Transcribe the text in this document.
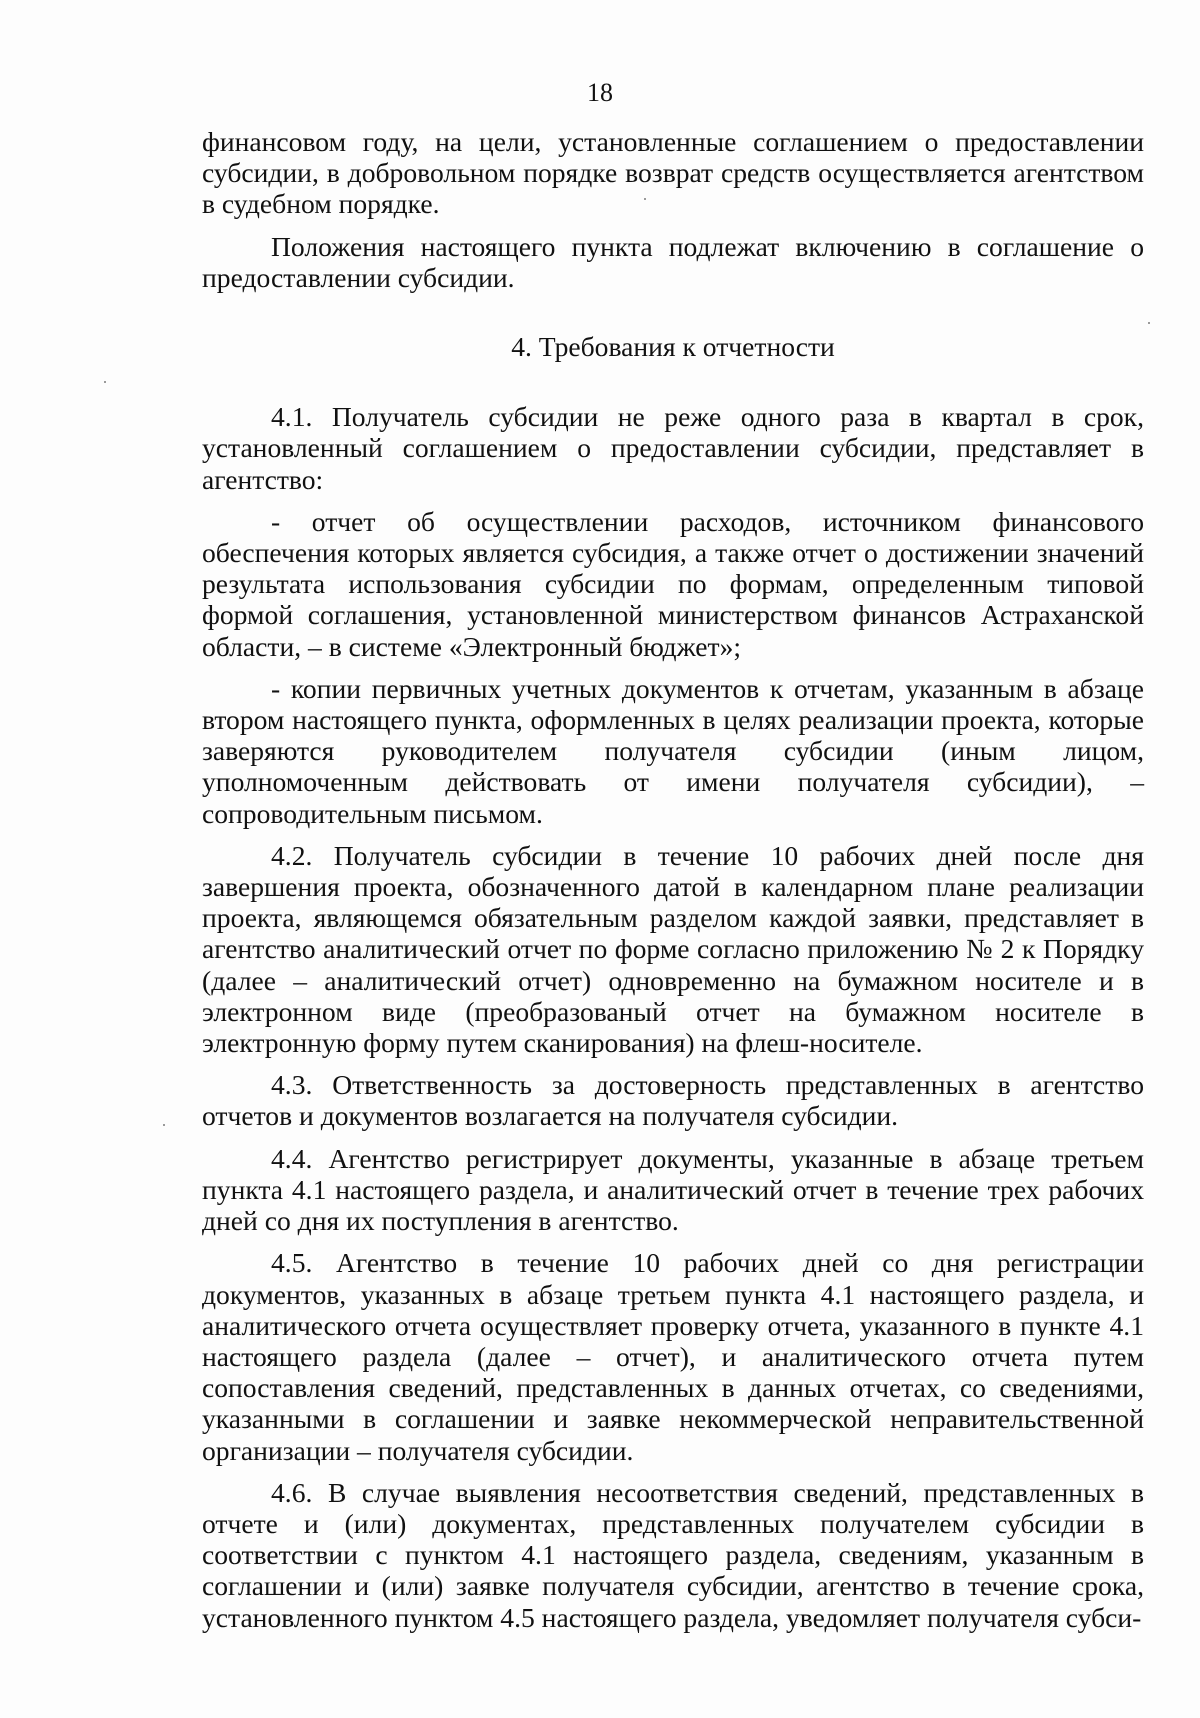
18

финансовом году, на цели, установленные соглашением о предоставлении субсидии, в добровольном порядке возврат средств осуществляется агентством в судебном порядке.

Положения настоящего пункта подлежат включению в соглашение о предоставлении субсидии.

4. Требования к отчетности

4.1. Получатель субсидии не реже одного раза в квартал в срок, установленный соглашением о предоставлении субсидии, представляет в агентство:

- отчет об осуществлении расходов, источником финансового обеспечения которых является субсидия, а также отчет о достижении значений результата использования субсидии по формам, определенным типовой формой соглашения, установленной министерством финансов Астраханской области, – в системе «Электронный бюджет»;

- копии первичных учетных документов к отчетам, указанным в абзаце втором настоящего пункта, оформленных в целях реализации проекта, которые заверяются руководителем получателя субсидии (иным лицом, уполномоченным действовать от имени получателя субсидии), – сопроводительным письмом.

4.2. Получатель субсидии в течение 10 рабочих дней после дня завершения проекта, обозначенного датой в календарном плане реализации проекта, являющемся обязательным разделом каждой заявки, представляет в агентство аналитический отчет по форме согласно приложению № 2 к Порядку (далее – аналитический отчет) одновременно на бумажном носителе и в электронном виде (преобразованый отчет на бумажном носителе в электронную форму путем сканирования) на флеш-носителе.

4.3. Ответственность за достоверность представленных в агентство отчетов и документов возлагается на получателя субсидии.

4.4. Агентство регистрирует документы, указанные в абзаце третьем пункта 4.1 настоящего раздела, и аналитический отчет в течение трех рабочих дней со дня их поступления в агентство.

4.5. Агентство в течение 10 рабочих дней со дня регистрации документов, указанных в абзаце третьем пункта 4.1 настоящего раздела, и аналитического отчета осуществляет проверку отчета, указанного в пункте 4.1 настоящего раздела (далее – отчет), и аналитического отчета путем сопоставления сведений, представленных в данных отчетах, со сведениями, указанными в соглашении и заявке некоммерческой неправительственной организации – получателя субсидии.

4.6. В случае выявления несоответствия сведений, представленных в отчете и (или) документах, представленных получателем субсидии в соответствии с пунктом 4.1 настоящего раздела, сведениям, указанным в соглашении и (или) заявке получателя субсидии, агентство в течение срока, установленного пунктом 4.5 настоящего раздела, уведомляет получателя субси-
